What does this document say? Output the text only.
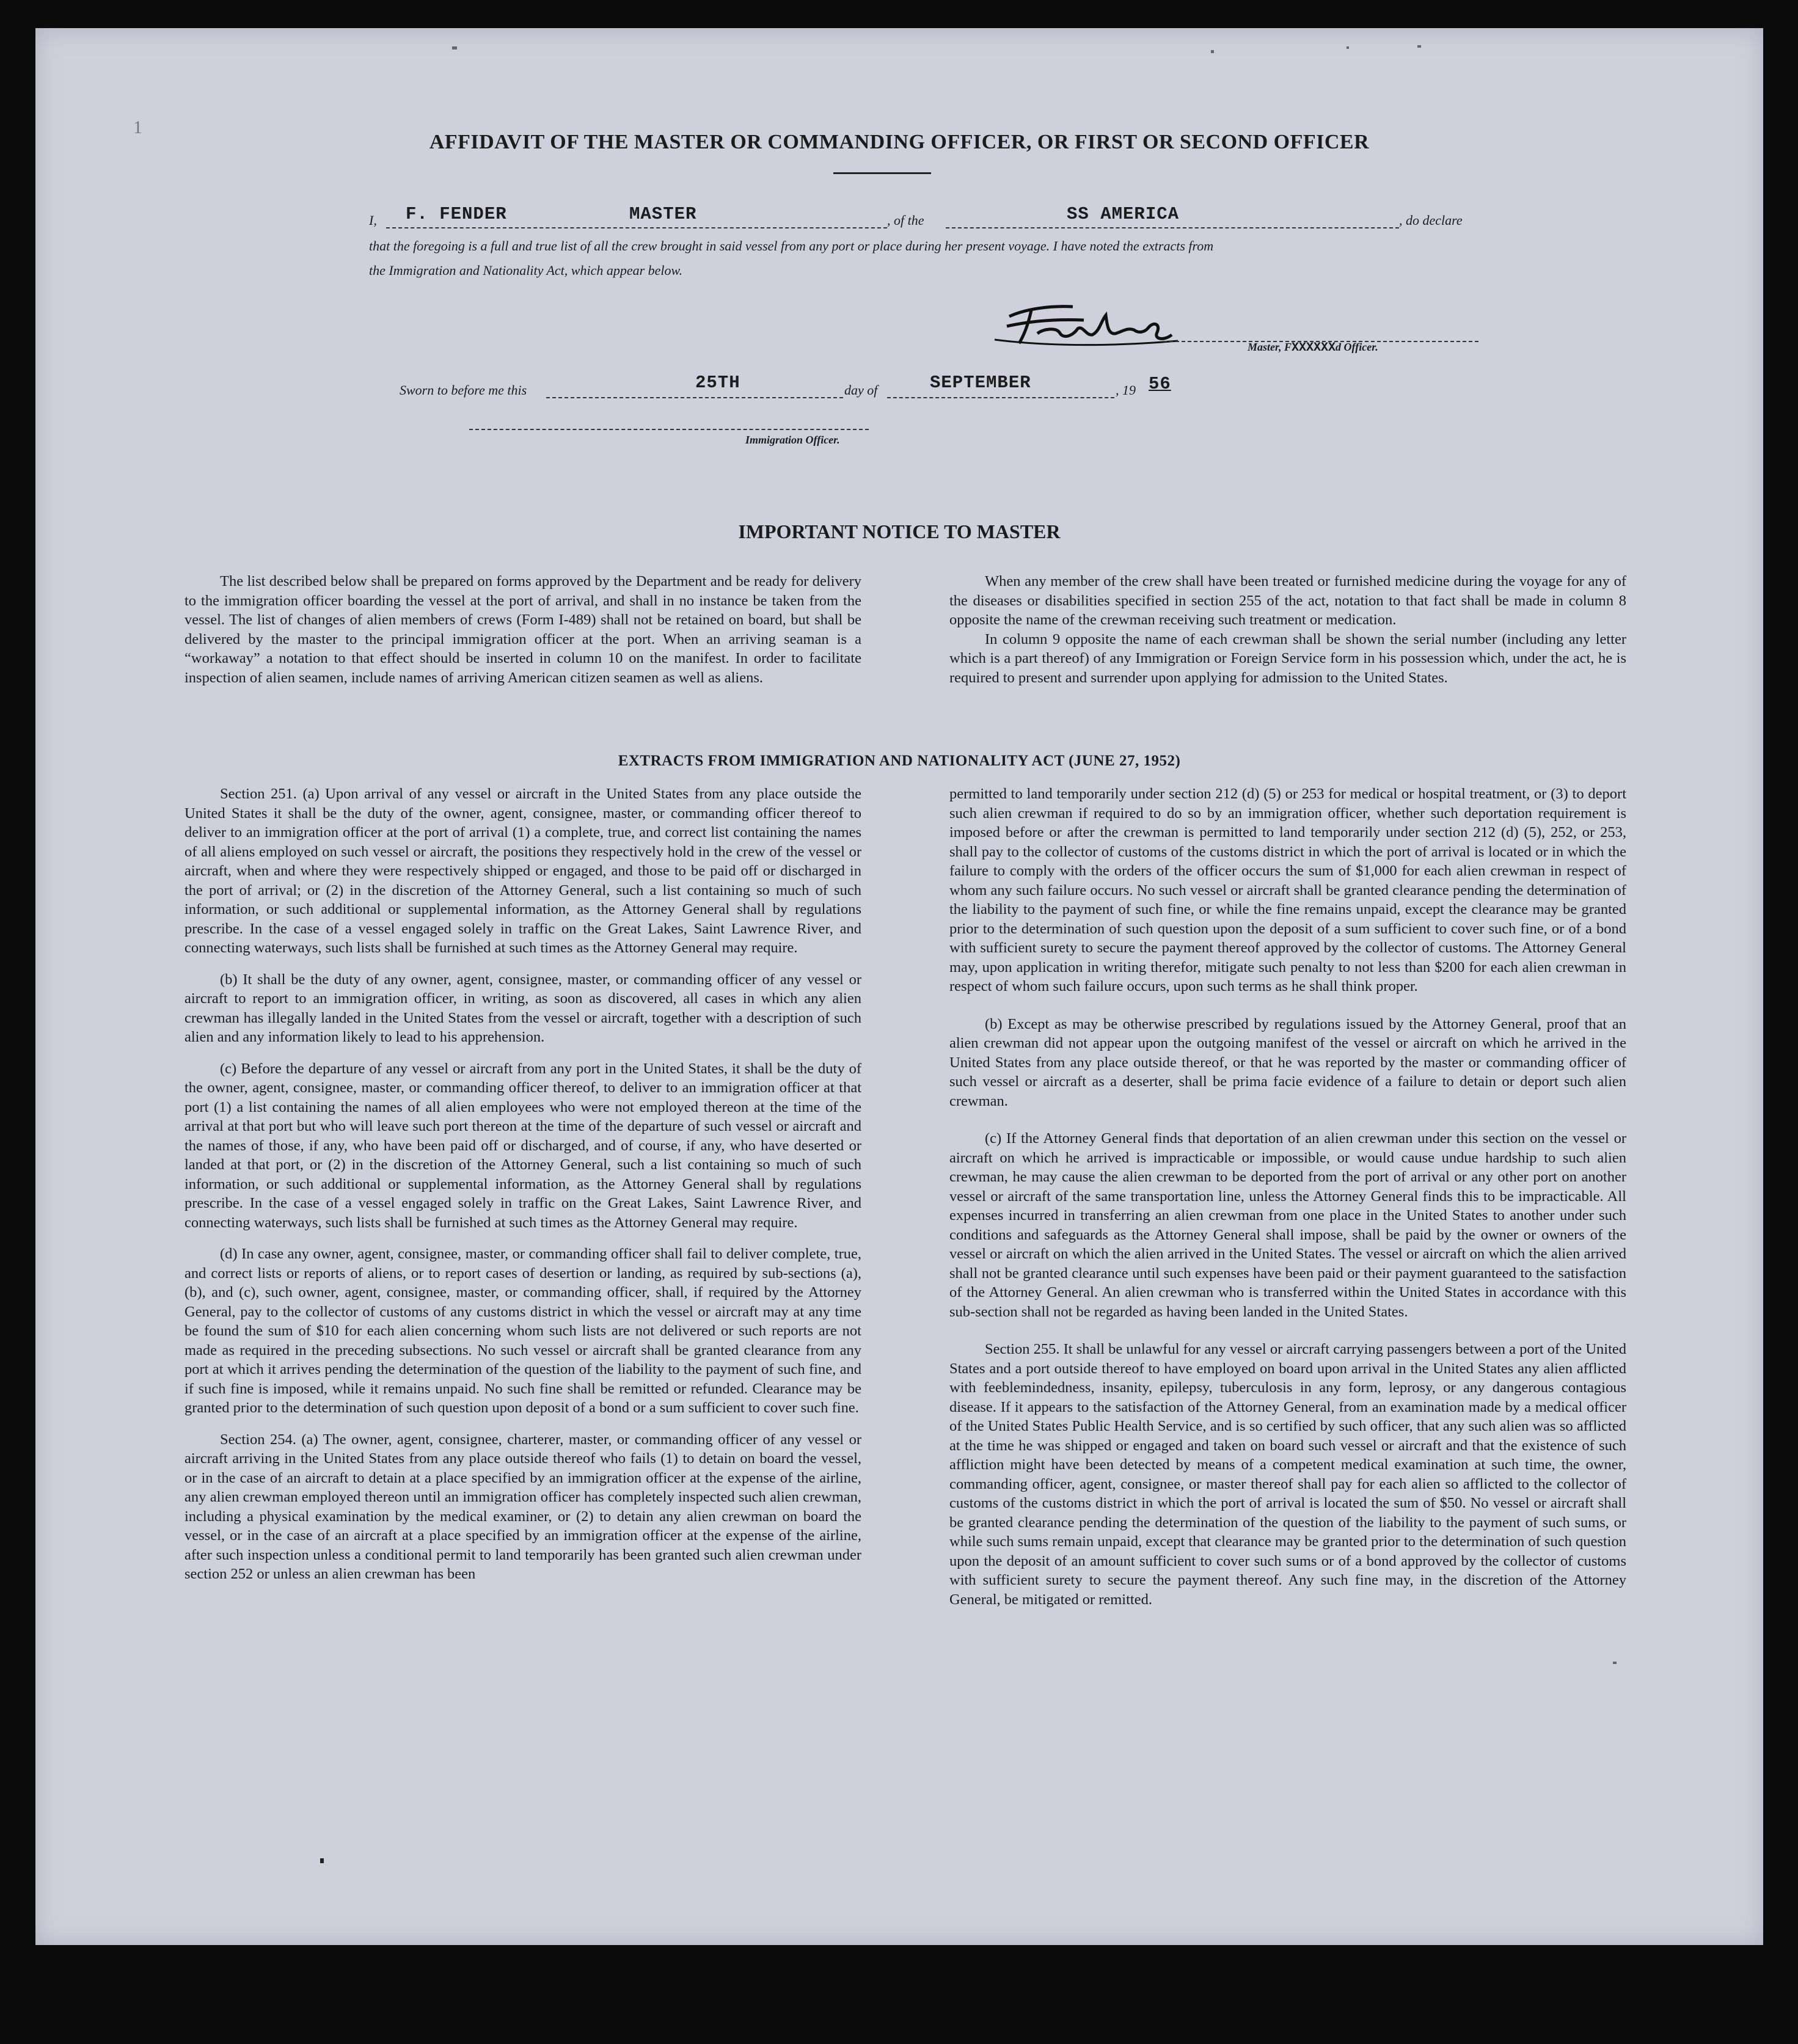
1
AFFIDAVIT OF THE MASTER OR COMMANDING OFFICER, OR FIRST OR SECOND OFFICER
I, F. FENDER	MASTER	, of the	SS AMERICA	, do declare
that the foregoing is a full and true list of all the crew brought in said vessel from any port or place during her present voyage. I have noted the extracts from
the Immigration and Nationality Act, which appear below.
Master, FXXXXXXd Officer.
Sworn to before me this	25TH	day of	SEPTEMBER	, 19 56
Immigration Officer.
IMPORTANT NOTICE TO MASTER

The list described below shall be prepared on forms approved by the Department and be ready for delivery to the immigration officer boarding the vessel at the port of arrival, and shall in no instance be taken from the vessel. The list of changes of alien members of crews (Form I-489) shall not be retained on board, but shall be delivered by the master to the principal immigration officer at the port. When an arriving seaman is a “workaway” a notation to that effect should be inserted in column 10 on the manifest. In order to facilitate inspection of alien seamen, include names of arriving American citizen seamen as well as aliens.

When any member of the crew shall have been treated or furnished medicine during the voyage for any of the diseases or disabilities specified in section 255 of the act, notation to that fact shall be made in column 8 opposite the name of the crewman receiving such treatment or medication.

In column 9 opposite the name of each crewman shall be shown the serial number (including any letter which is a part thereof) of any Immigration or Foreign Service form in his possession which, under the act, he is required to present and surrender upon applying for admission to the United States.

EXTRACTS FROM IMMIGRATION AND NATIONALITY ACT (JUNE 27, 1952)

Section 251. (a) Upon arrival of any vessel or aircraft in the United States from any place outside the United States it shall be the duty of the owner, agent, consignee, master, or commanding officer thereof to deliver to an immigration officer at the port of arrival (1) a complete, true, and correct list containing the names of all aliens employed on such vessel or aircraft, the positions they respectively hold in the crew of the vessel or aircraft, when and where they were respectively shipped or engaged, and those to be paid off or discharged in the port of arrival; or (2) in the discretion of the Attorney General, such a list containing so much of such information, or such additional or supplemental information, as the Attorney General shall by regulations prescribe. In the case of a vessel engaged solely in traffic on the Great Lakes, Saint Lawrence River, and connecting waterways, such lists shall be furnished at such times as the Attorney General may require.

(b) It shall be the duty of any owner, agent, consignee, master, or commanding officer of any vessel or aircraft to report to an immigration officer, in writing, as soon as discovered, all cases in which any alien crewman has illegally landed in the United States from the vessel or aircraft, together with a description of such alien and any information likely to lead to his apprehension.

(c) Before the departure of any vessel or aircraft from any port in the United States, it shall be the duty of the owner, agent, consignee, master, or commanding officer thereof, to deliver to an immigration officer at that port (1) a list containing the names of all alien employees who were not employed thereon at the time of the arrival at that port but who will leave such port thereon at the time of the departure of such vessel or aircraft and the names of those, if any, who have been paid off or discharged, and of course, if any, who have deserted or landed at that port, or (2) in the discretion of the Attorney General, such a list containing so much of such information, or such additional or supplemental information, as the Attorney General shall by regulations prescribe. In the case of a vessel engaged solely in traffic on the Great Lakes, Saint Lawrence River, and connecting waterways, such lists shall be furnished at such times as the Attorney General may require.

(d) In case any owner, agent, consignee, master, or commanding officer shall fail to deliver complete, true, and correct lists or reports of aliens, or to report cases of desertion or landing, as required by sub-sections (a), (b), and (c), such owner, agent, consignee, master, or commanding officer, shall, if required by the Attorney General, pay to the collector of customs of any customs district in which the vessel or aircraft may at any time be found the sum of $10 for each alien concerning whom such lists are not delivered or such reports are not made as required in the preceding subsections. No such vessel or aircraft shall be granted clearance from any port at which it arrives pending the determination of the question of the liability to the payment of such fine, and if such fine is imposed, while it remains unpaid. No such fine shall be remitted or refunded. Clearance may be granted prior to the determination of such question upon deposit of a bond or a sum sufficient to cover such fine.

Section 254. (a) The owner, agent, consignee, charterer, master, or commanding officer of any vessel or aircraft arriving in the United States from any place outside thereof who fails (1) to detain on board the vessel, or in the case of an aircraft to detain at a place specified by an immigration officer at the expense of the airline, any alien crewman employed thereon until an immigration officer has completely inspected such alien crewman, including a physical examination by the medical examiner, or (2) to detain any alien crewman on board the vessel, or in the case of an aircraft at a place specified by an immigration officer at the expense of the airline, after such inspection unless a conditional permit to land temporarily has been granted such alien crewman under section 252 or unless an alien crewman has been

permitted to land temporarily under section 212 (d) (5) or 253 for medical or hospital treatment, or (3) to deport such alien crewman if required to do so by an immigration officer, whether such deportation requirement is imposed before or after the crewman is permitted to land temporarily under section 212 (d) (5), 252, or 253, shall pay to the collector of customs of the customs district in which the port of arrival is located or in which the failure to comply with the orders of the officer occurs the sum of $1,000 for each alien crewman in respect of whom any such failure occurs. No such vessel or aircraft shall be granted clearance pending the determination of the liability to the payment of such fine, or while the fine remains unpaid, except the clearance may be granted prior to the determination of such question upon the deposit of a sum sufficient to cover such fine, or of a bond with sufficient surety to secure the payment thereof approved by the collector of customs. The Attorney General may, upon application in writing therefor, mitigate such penalty to not less than $200 for each alien crewman in respect of whom such failure occurs, upon such terms as he shall think proper.

(b) Except as may be otherwise prescribed by regulations issued by the Attorney General, proof that an alien crewman did not appear upon the outgoing manifest of the vessel or aircraft on which he arrived in the United States from any place outside thereof, or that he was reported by the master or commanding officer of such vessel or aircraft as a deserter, shall be prima facie evidence of a failure to detain or deport such alien crewman.

(c) If the Attorney General finds that deportation of an alien crewman under this section on the vessel or aircraft on which he arrived is impracticable or impossible, or would cause undue hardship to such alien crewman, he may cause the alien crewman to be deported from the port of arrival or any other port on another vessel or aircraft of the same transportation line, unless the Attorney General finds this to be impracticable. All expenses incurred in transferring an alien crewman from one place in the United States to another under such conditions and safeguards as the Attorney General shall impose, shall be paid by the owner or owners of the vessel or aircraft on which the alien arrived in the United States. The vessel or aircraft on which the alien arrived shall not be granted clearance until such expenses have been paid or their payment guaranteed to the satisfaction of the Attorney General. An alien crewman who is transferred within the United States in accordance with this sub-section shall not be regarded as having been landed in the United States.

Section 255. It shall be unlawful for any vessel or aircraft carrying passengers between a port of the United States and a port outside thereof to have employed on board upon arrival in the United States any alien afflicted with feeblemindedness, insanity, epilepsy, tuberculosis in any form, leprosy, or any dangerous contagious disease. If it appears to the satisfaction of the Attorney General, from an examination made by a medical officer of the United States Public Health Service, and is so certified by such officer, that any such alien was so afflicted at the time he was shipped or engaged and taken on board such vessel or aircraft and that the existence of such affliction might have been detected by means of a competent medical examination at such time, the owner, commanding officer, agent, consignee, or master thereof shall pay for each alien so afflicted to the collector of customs of the customs district in which the port of arrival is located the sum of $50. No vessel or aircraft shall be granted clearance pending the determination of the question of the liability to the payment of such sums, or while such sums remain unpaid, except that clearance may be granted prior to the determination of such question upon the deposit of an amount sufficient to cover such sums or of a bond approved by the collector of customs with sufficient surety to secure the payment thereof. Any such fine may, in the discretion of the Attorney General, be mitigated or remitted.
